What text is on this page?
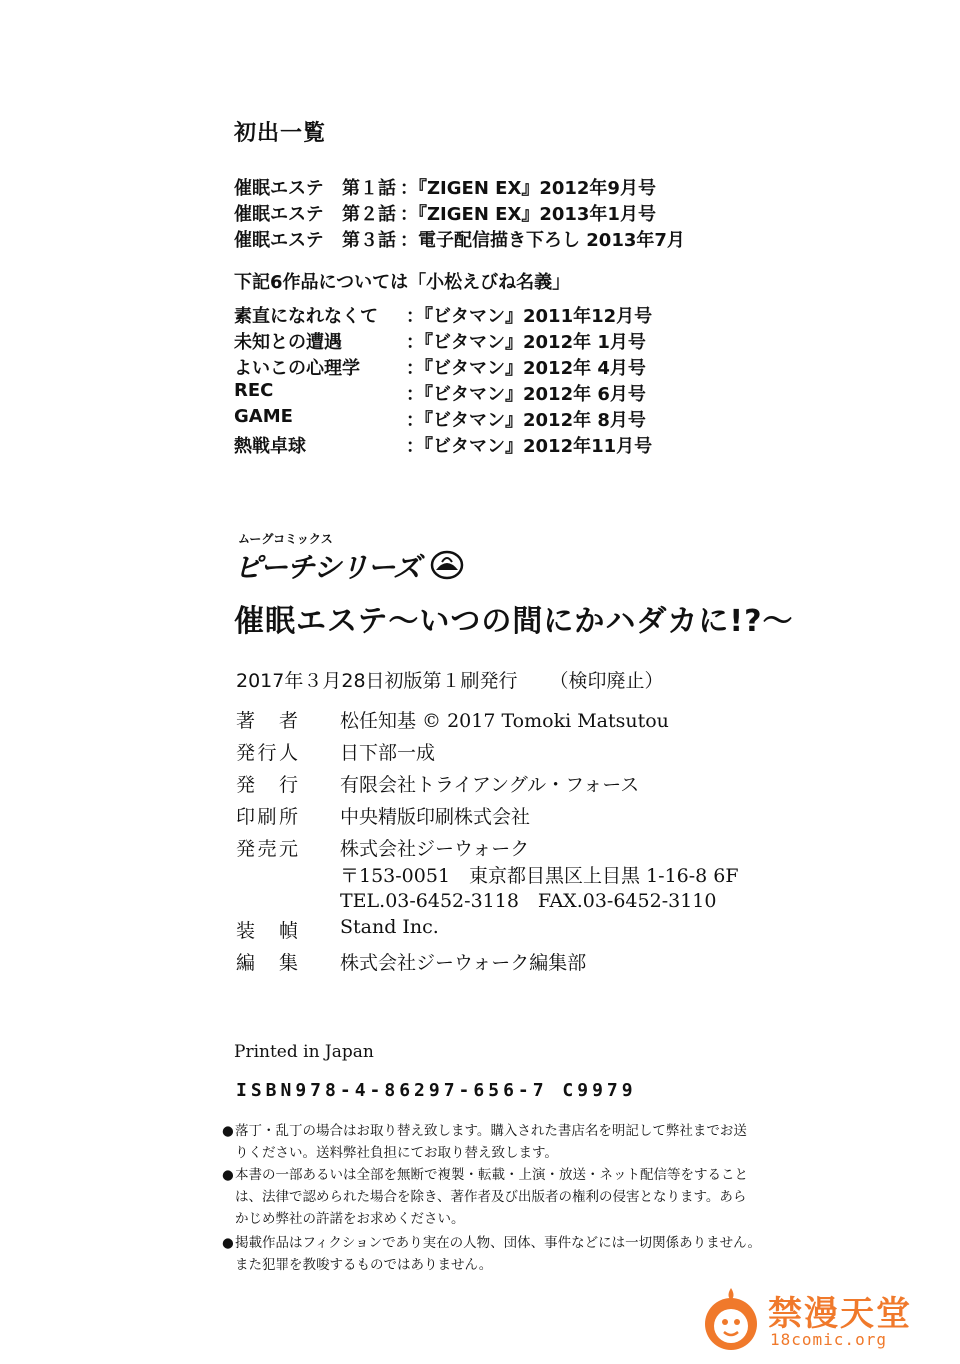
初出一覧
催眠エステ 第１話 ：『ZIGEN EX』2012年9月号
催眠エステ 第２話 ：『ZIGEN EX』2013年1月号
催眠エステ 第３話 ：電子配信描き下ろし 2013年7月
下記6作品については「小松えびね名義」
素直になれなくて ：『ビタマン』2011年12月号
未知との遭遇	：『ビタマン』2012年 1月号
よいこの心理学	：『ビタマン』2012年 4月号
REC	：『ビタマン』2012年 6月号
GAME	：『ビタマン』2012年 8月号
熱戦卓球	：『ビタマン』2012年11月号
ムーグコミックス
ピーチシリーズ
催眠エステ〜いつの間にかハダカに!?〜
2017年３月28日初版第１刷発行 （検印廃止）
著者 松任知基 © 2017 Tomoki Matsutou
発行人 日下部一成
発行 有限会社トライアングル・フォース
印刷所 中央精版印刷株式会社
発売元 株式会社ジーウォーク
〒153-0051　東京都目黒区上目黒 1-16-8 6F
TEL.03-6452-3118　FAX.03-6452-3110
装幀 Stand Inc.
編集 株式会社ジーウォーク編集部
Printed in Japan
ISBN978-4-86297-656-7 C9979
●落丁・乱丁の場合はお取り替え致します。購入された書店名を明記して弊社までお送
りください。送料弊社負担にてお取り替え致します。
●本書の一部あるいは全部を無断で複製・転載・上演・放送・ネット配信等をすること
は、法律で認められた場合を除き、著作者及び出版者の権利の侵害となります。あら
かじめ弊社の許諾をお求めください。
●掲載作品はフィクションであり実在の人物、団体、事件などには一切関係ありません。
また犯罪を教唆するものではありません。
禁漫天堂
18comic.org
